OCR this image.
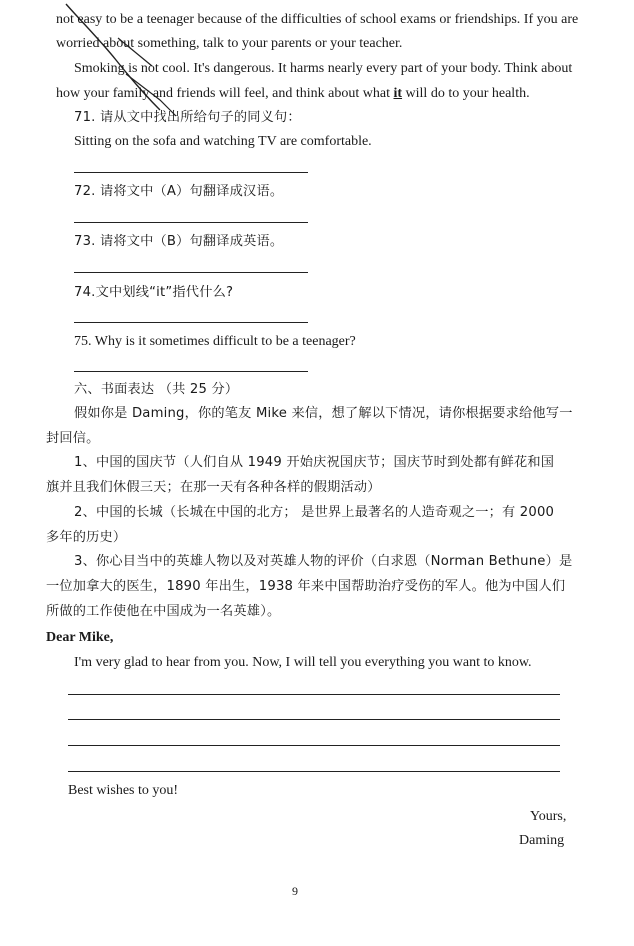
not easy to be a teenager because of the difficulties of school exams or friendships. If you are
worried about something, talk to your parents or your teacher.
Smoking is not cool. It's dangerous. It harms nearly every part of your body. Think about
how your family and friends will feel, and think about what it will do to your health.
71. 请从文中找出所给句子的同义句：
Sitting on the sofa and watching TV are comfortable.
72. 请将文中（A）句翻译成汉语。
73. 请将文中（B）句翻译成英语。
74.文中划线“it”指代什么?
75. Why is it sometimes difficult to be a teenager?
六、书面表达 （共 25 分）
假如你是 Daming，你的笔友 Mike 来信，想了解以下情况，请你根据要求给他写一
封回信。
1、中国的国庆节（人们自从 1949 开始庆祝国庆节；国庆节时到处都有鲜花和国
旗并且我们休假三天；在那一天有各种各样的假期活动）
2、中国的长城（长城在中国的北方； 是世界上最著名的人造奇观之一；有 2000
多年的历史）
3、你心目当中的英雄人物以及对英雄人物的评价（白求恩（Norman Bethune）是
一位加拿大的医生，1890 年出生，1938 年来中国帮助治疗受伤的军人。他为中国人们
所做的工作使他在中国成为一名英雄）。
Dear Mike,
I'm very glad to hear from you. Now, I will tell you everything you want to know.
Best wishes to you!
Yours,
Daming
9
